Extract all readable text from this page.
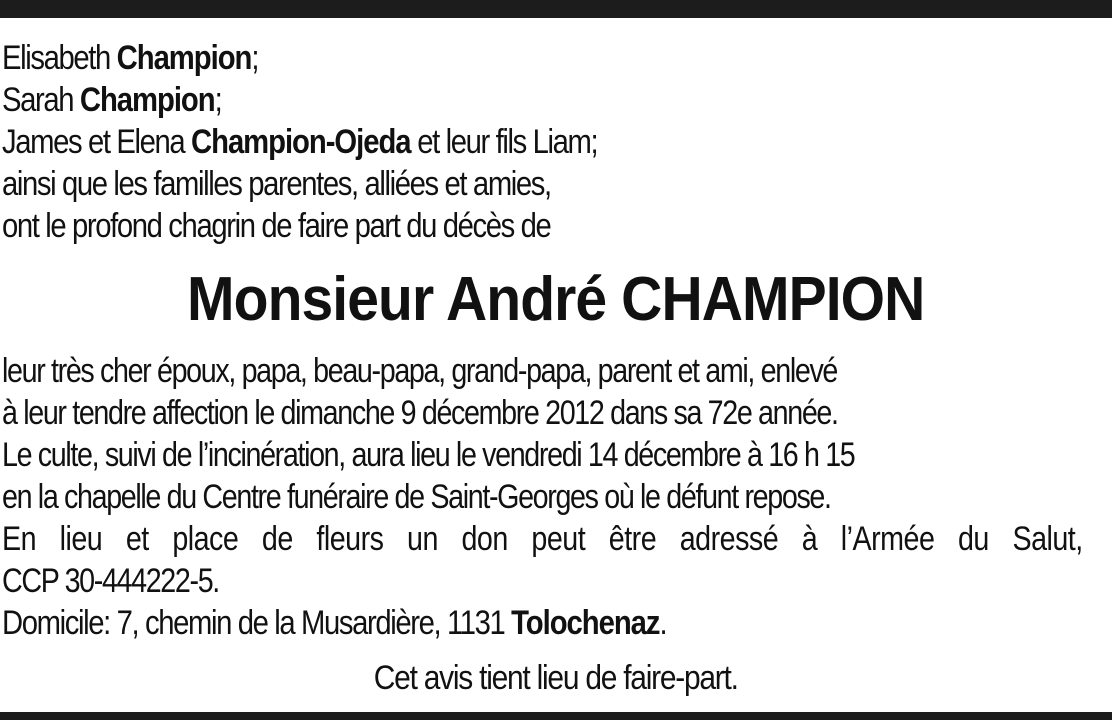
Elisabeth Champion;
Sarah Champion;
James et Elena Champion-Ojeda et leur fils Liam;
ainsi que les familles parentes, alliées et amies,
ont le profond chagrin de faire part du décès de
Monsieur André CHAMPION
leur très cher époux, papa, beau-papa, grand-papa, parent et ami, enlevé
à leur tendre affection le dimanche 9 décembre 2012 dans sa 72e année.
Le culte, suivi de l’incinération, aura lieu le vendredi 14 décembre à 16 h 15
en la chapelle du Centre funéraire de Saint-Georges où le défunt repose.
En lieu et place de fleurs un don peut être adressé à l’Armée du Salut,
CCP 30-444222-5.
Domicile: 7, chemin de la Musardière, 1131 Tolochenaz.
Cet avis tient lieu de faire-part.
